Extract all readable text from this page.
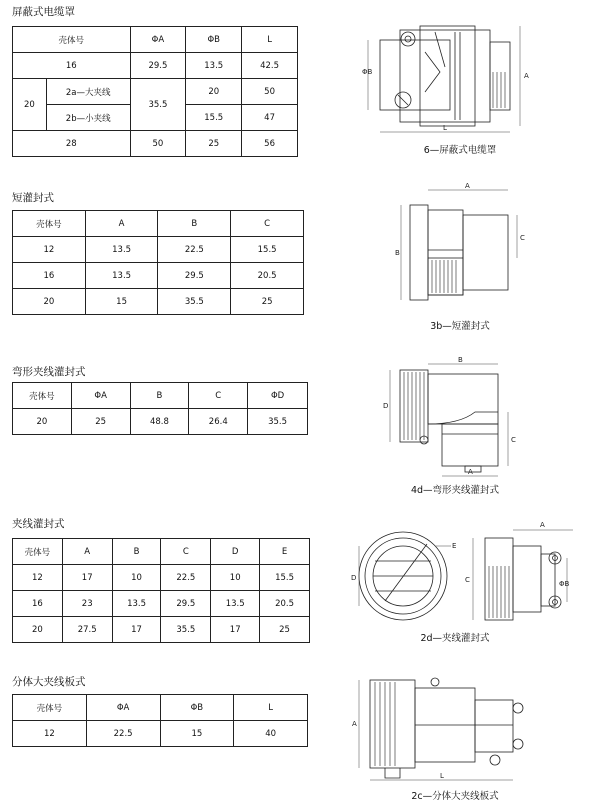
屏蔽式电缆罩
壳体号		ΦA	ΦB	L
16		29.5	13.5	42.5
20	2a—大夹线	35.5	20	50
	2b—小夹线		15.5	47
28		50	25	56
ΦB	A
L
6—屏蔽式电缆罩
短灌封式
壳体号	A	B	C
12	13.5	22.5	15.5
16	13.5	29.5	20.5
20	15	35.5	25
A
B
C
3b—短灌封式
弯形夹线灌封式
壳体号	ΦA	B	C	ΦD
20	25	48.8	26.4	35.5
B
D
C
A
4d—弯形夹线灌封式
夹线灌封式
壳体号	A	B	C	D	E
12	17	10	22.5	10	15.5
16	23	13.5	29.5	13.5	20.5
20	27.5	17	35.5	17	25
A
C	ΦB
D
E
2d—夹线灌封式
分体大夹线板式
壳体号	ΦA	ΦB	L
12	22.5	15	40
A
L
2c—分体大夹线板式
